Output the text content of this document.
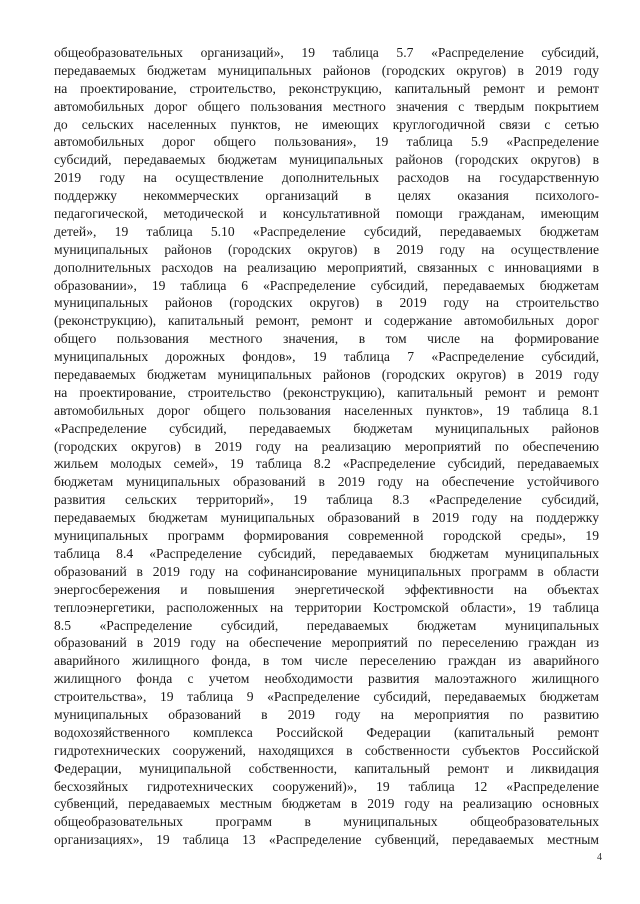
общеобразовательных организаций», 19 таблица 5.7 «Распределение субсидий,
передаваемых бюджетам муниципальных районов (городских округов) в 2019 году
на проектирование, строительство, реконструкцию, капитальный ремонт и ремонт
автомобильных дорог общего пользования местного значения с твердым покрытием
до сельских населенных пунктов, не имеющих круглогодичной связи с сетью
автомобильных дорог общего пользования», 19 таблица 5.9 «Распределение
субсидий, передаваемых бюджетам муниципальных районов (городских округов) в
2019 году на осуществление дополнительных расходов на государственную
поддержку некоммерческих организаций в целях оказания психолого-
педагогической, методической и консультативной помощи гражданам, имеющим
детей», 19 таблица 5.10 «Распределение субсидий, передаваемых бюджетам
муниципальных районов (городских округов) в 2019 году на осуществление
дополнительных расходов на реализацию мероприятий, связанных с инновациями в
образовании», 19 таблица 6 «Распределение субсидий, передаваемых бюджетам
муниципальных районов (городских округов) в 2019 году на строительство
(реконструкцию), капитальный ремонт, ремонт и содержание автомобильных дорог
общего пользования местного значения, в том числе на формирование
муниципальных дорожных фондов», 19 таблица 7 «Распределение субсидий,
передаваемых бюджетам муниципальных районов (городских округов) в 2019 году
на проектирование, строительство (реконструкцию), капитальный ремонт и ремонт
автомобильных дорог общего пользования населенных пунктов», 19 таблица 8.1
«Распределение субсидий, передаваемых бюджетам муниципальных районов
(городских округов) в 2019 году на реализацию мероприятий по обеспечению
жильем молодых семей», 19 таблица 8.2 «Распределение субсидий, передаваемых
бюджетам муниципальных образований в 2019 году на обеспечение устойчивого
развития сельских территорий», 19 таблица 8.3 «Распределение субсидий,
передаваемых бюджетам муниципальных образований в 2019 году на поддержку
муниципальных программ формирования современной городской среды», 19
таблица 8.4 «Распределение субсидий, передаваемых бюджетам муниципальных
образований в 2019 году на софинансирование муниципальных программ в области
энергосбережения и повышения энергетической эффективности на объектах
теплоэнергетики, расположенных на территории Костромской области», 19 таблица
8.5 «Распределение субсидий, передаваемых бюджетам муниципальных
образований в 2019 году на обеспечение мероприятий по переселению граждан из
аварийного жилищного фонда, в том числе переселению граждан из аварийного
жилищного фонда с учетом необходимости развития малоэтажного жилищного
строительства», 19 таблица 9 «Распределение субсидий, передаваемых бюджетам
муниципальных образований в 2019 году на мероприятия по развитию
водохозяйственного комплекса Российской Федерации (капитальный ремонт
гидротехнических сооружений, находящихся в собственности субъектов Российской
Федерации, муниципальной собственности, капитальный ремонт и ликвидация
бесхозяйных гидротехнических сооружений)», 19 таблица 12 «Распределение
субвенций, передаваемых местным бюджетам в 2019 году на реализацию основных
общеобразовательных программ в муниципальных общеобразовательных
организациях», 19 таблица 13 «Распределение субвенций, передаваемых местным
4
